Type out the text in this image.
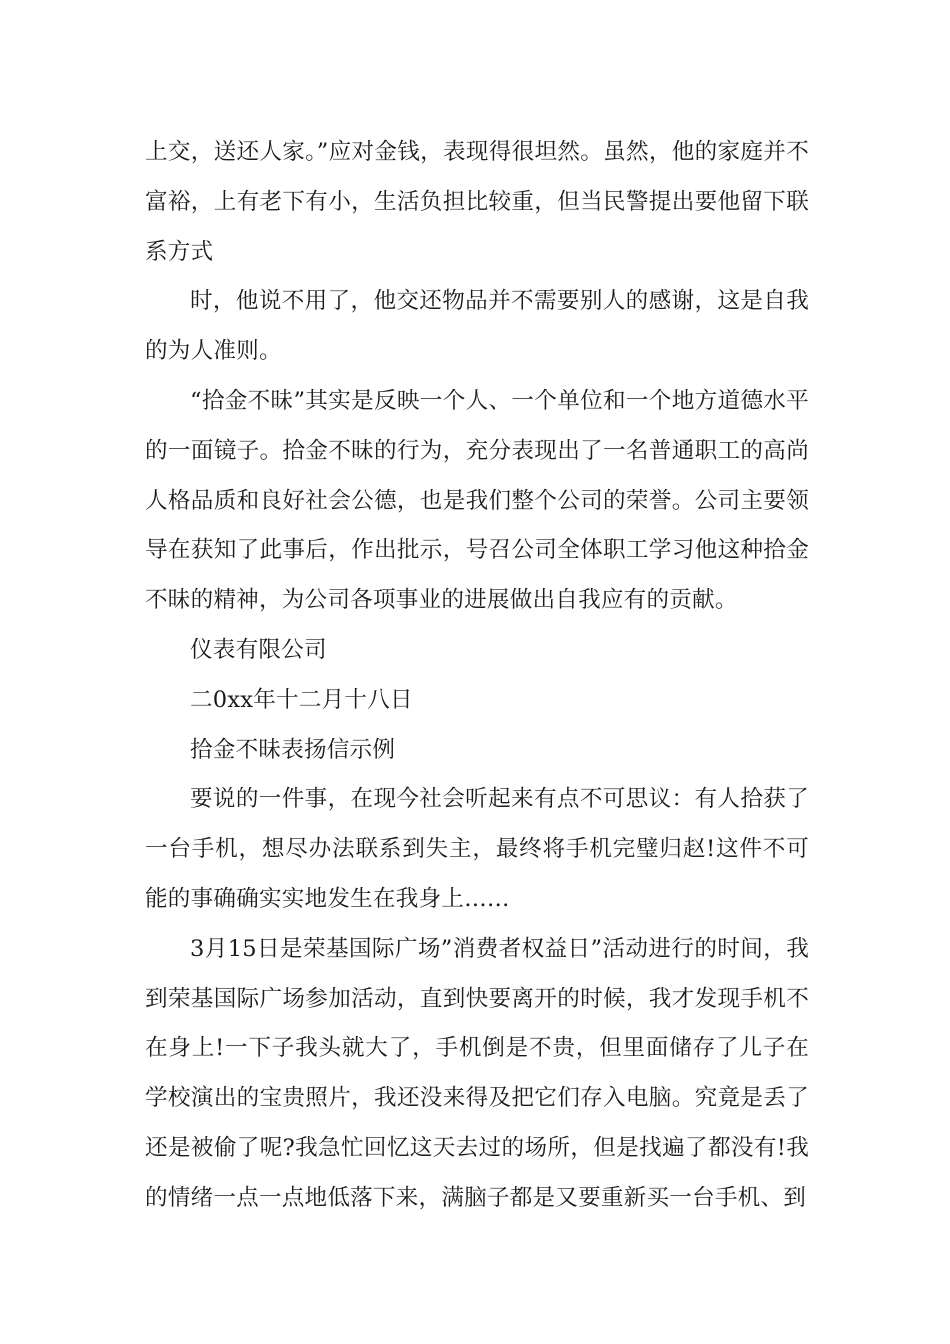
上交，送还人家。”应对金钱，表现得很坦然。虽然，他的家庭并不富裕，上有老下有小，生活负担比较重，但当民警提出要他留下联系方式

时，他说不用了，他交还物品并不需要别人的感谢，这是自我的为人准则。

“拾金不昧”其实是反映一个人、一个单位和一个地方道德水平的一面镜子。拾金不昧的行为，充分表现出了一名普通职工的高尚人格品质和良好社会公德，也是我们整个公司的荣誉。公司主要领导在获知了此事后，作出批示，号召公司全体职工学习他这种拾金不昧的精神，为公司各项事业的进展做出自我应有的贡献。

仪表有限公司

二0xx年十二月十八日

拾金不昧表扬信示例

要说的一件事，在现今社会听起来有点不可思议：有人拾获了一台手机，想尽办法联系到失主，最终将手机完璧归赵!这件不可能的事确确实实地发生在我身上……

3月15日是荣基国际广场”消费者权益日”活动进行的时间，我到荣基国际广场参加活动，直到快要离开的时候，我才发现手机不在身上!一下子我头就大了，手机倒是不贵，但里面储存了儿子在学校演出的宝贵照片，我还没来得及把它们存入电脑。究竟是丢了还是被偷了呢?我急忙回忆这天去过的场所，但是找遍了都没有!我的情绪一点一点地低落下来，满脑子都是又要重新买一台手机、到
